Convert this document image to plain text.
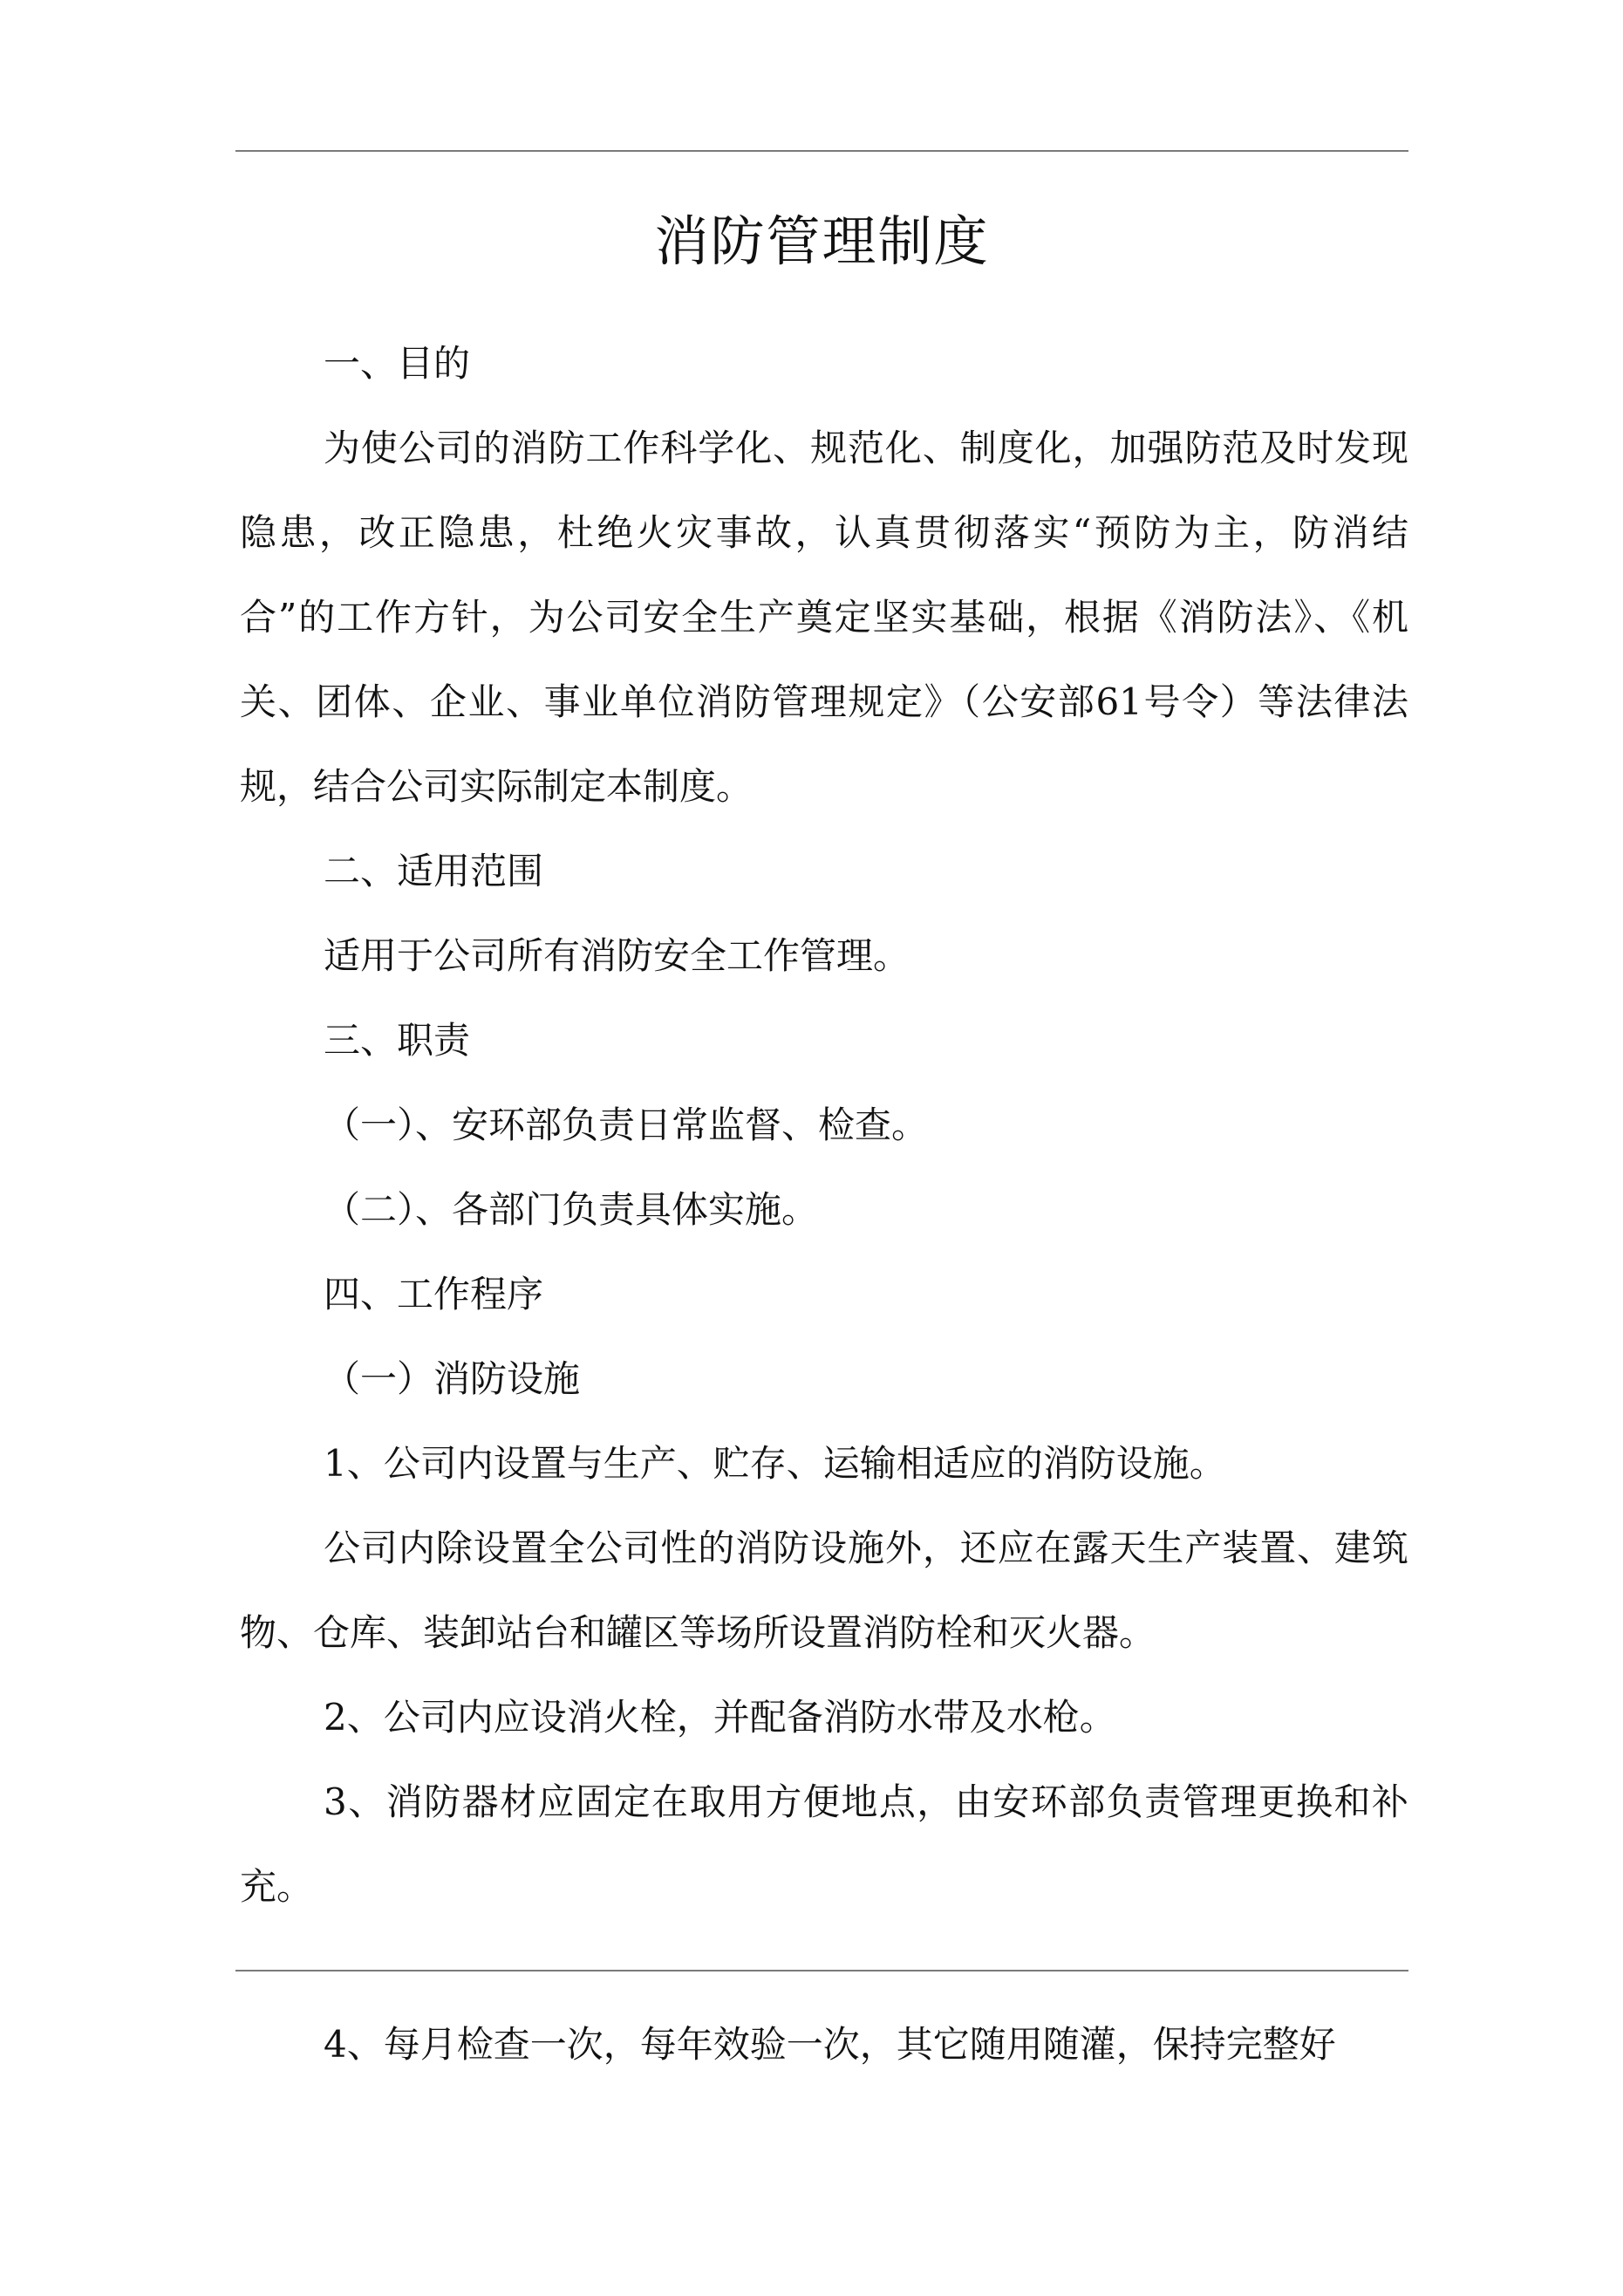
消防管理制度

一、目的

为使公司的消防工作科学化、规范化、制度化，加强防范及时发现隐患，改正隐患，杜绝火灾事故，认真贯彻落实“预防为主，防消结合”的工作方针，为公司安全生产奠定坚实基础，根据《消防法》、《机关、团体、企业、事业单位消防管理规定》（公安部61号令）等法律法规，结合公司实际制定本制度。

二、适用范围

适用于公司所有消防安全工作管理。

三、职责

（一）、安环部负责日常监督、检查。

（二）、各部门负责具体实施。

四、工作程序

（一）消防设施

1、公司内设置与生产、贮存、运输相适应的消防设施。

公司内除设置全公司性的消防设施外，还应在露天生产装置、建筑物、仓库、装卸站台和罐区等场所设置消防栓和灭火器。

2、公司内应设消火栓，并配备消防水带及水枪。

3、消防器材应固定在取用方便地点，由安环部负责管理更换和补充。

4、每月检查一次，每年效验一次，其它随用随灌，保持完整好
